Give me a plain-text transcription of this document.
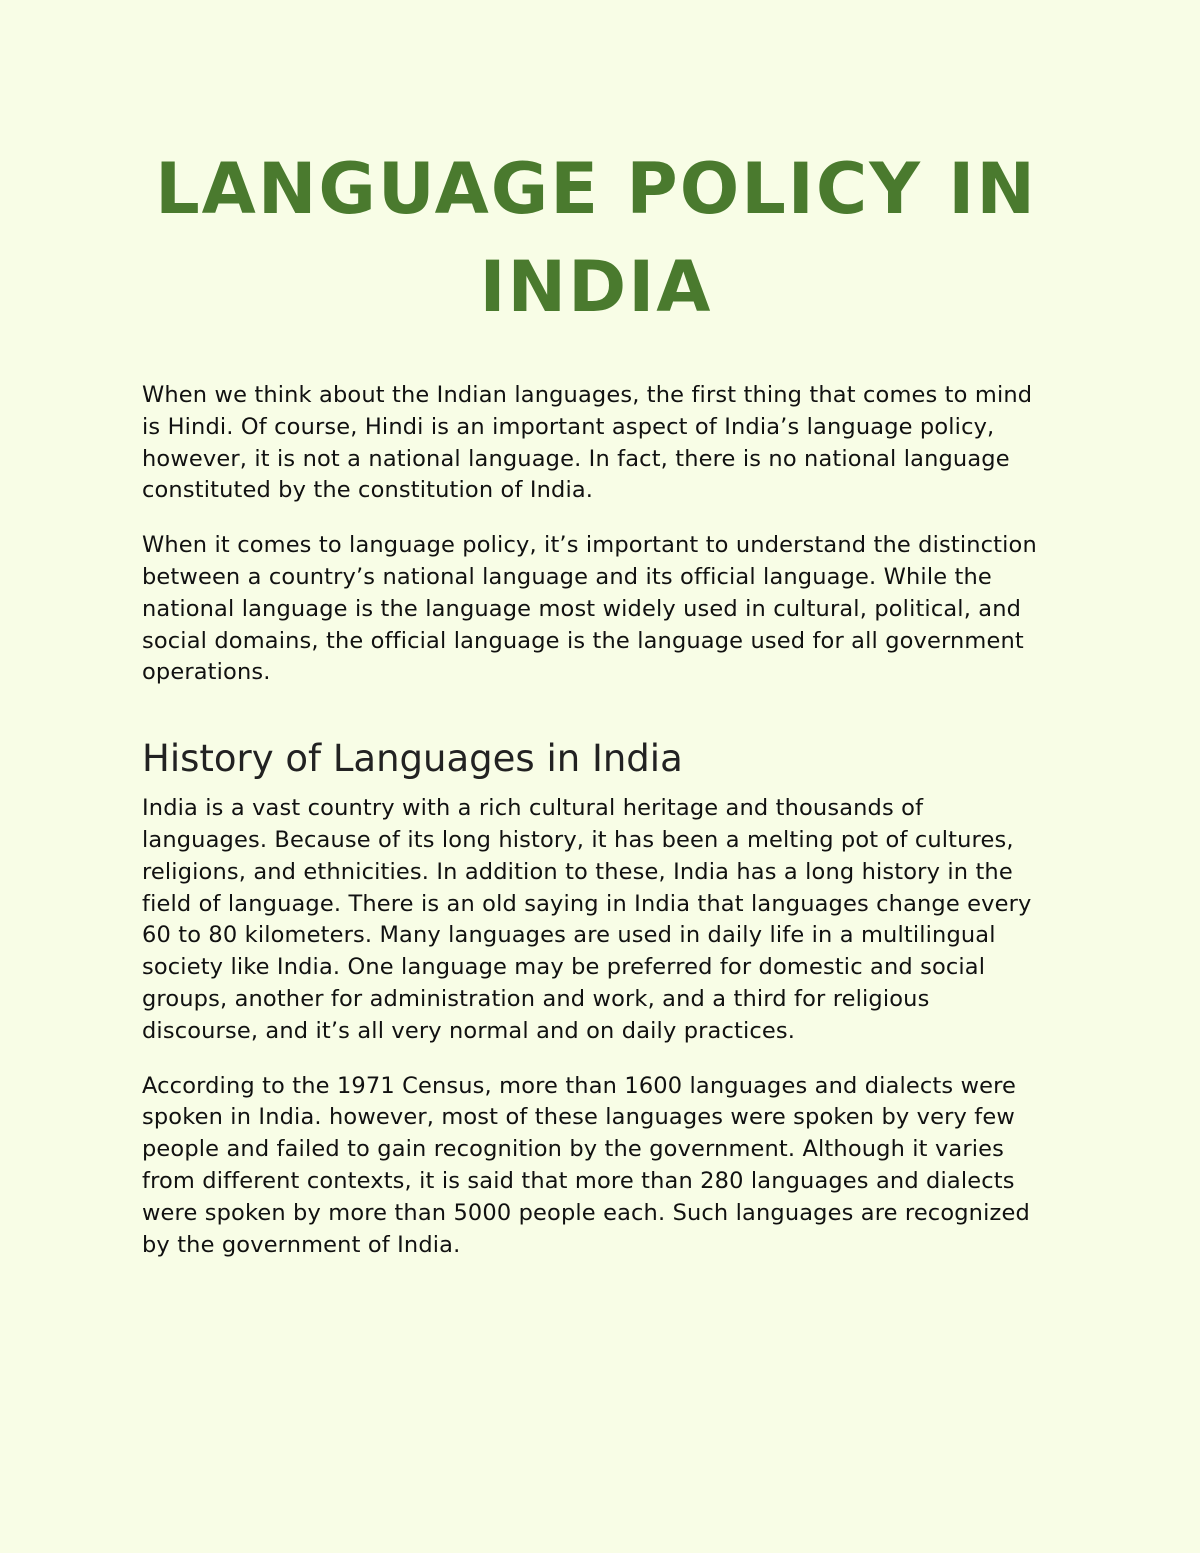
LANGUAGE POLICY IN INDIA

When we think about the Indian languages, the first thing that comes to mind is Hindi. Of course, Hindi is an important aspect of India’s language policy, however, it is not a national language. In fact, there is no national language constituted by the constitution of India.

When it comes to language policy, it’s important to understand the distinction between a country’s national language and its official language. While the national language is the language most widely used in cultural, political, and social domains, the official language is the language used for all government operations.

History of Languages in India

India is a vast country with a rich cultural heritage and thousands of languages. Because of its long history, it has been a melting pot of cultures, religions, and ethnicities. In addition to these, India has a long history in the field of language. There is an old saying in India that languages change every 60 to 80 kilometers. Many languages are used in daily life in a multilingual society like India. One language may be preferred for domestic and social groups, another for administration and work, and a third for religious discourse, and it’s all very normal and on daily practices.

According to the 1971 Census, more than 1600 languages and dialects were spoken in India. however, most of these languages were spoken by very few people and failed to gain recognition by the government. Although it varies from different contexts, it is said that more than 280 languages and dialects were spoken by more than 5000 people each. Such languages are recognized by the government of India.
